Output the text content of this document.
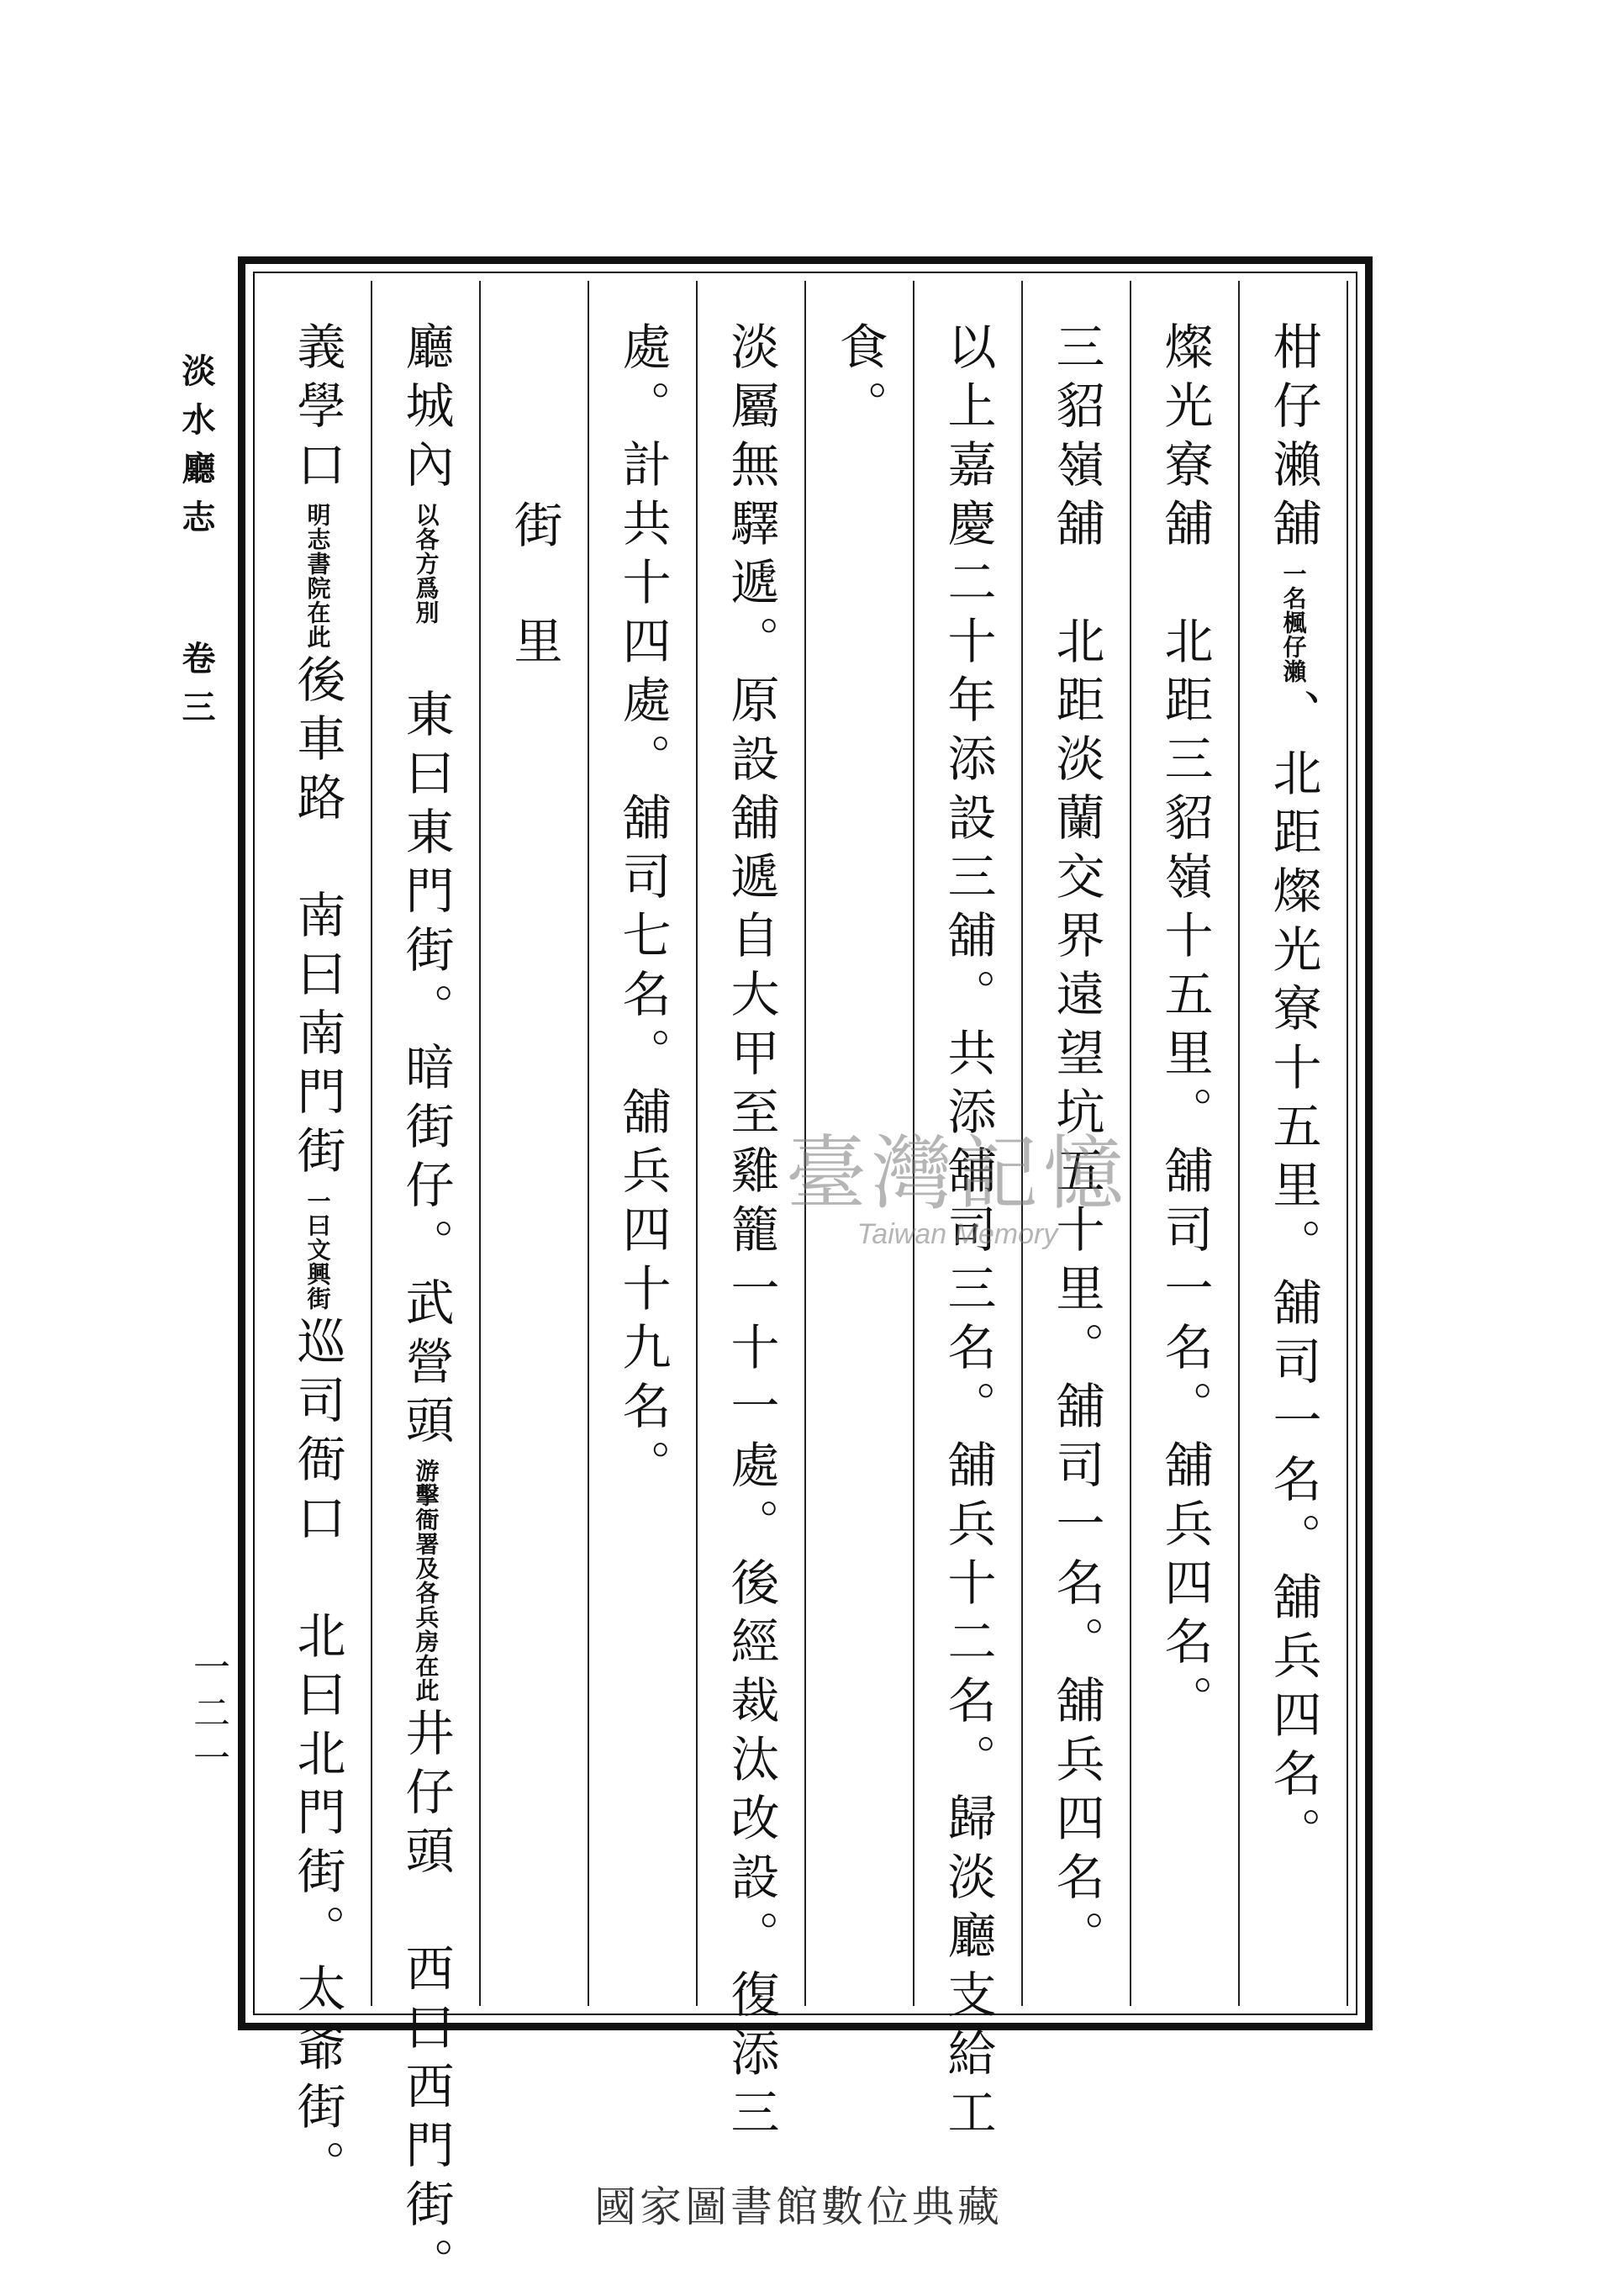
淡水廳志卷三
一二一
柑仔瀨舖一名楓仔瀨、北距燦光寮十五里。舖司一名。舖兵四名。
燦光寮舖　北距三貂嶺十五里。舖司一名。舖兵四名。
三貂嶺舖　北距淡蘭交界遠望坑五十里。舖司一名。舖兵四名。
以上嘉慶二十年添設三舖。共添舖司三名。舖兵十二名。歸淡廳支給工
食。
淡屬無驛遞。原設舖遞自大甲至雞籠一十一處。後經裁汰改設。復添三
處。計共十四處。舖司七名。舖兵四十九名。
街里
廳城內以各方爲別　東曰東門街。暗街仔。武營頭游擊衙署及各兵房在此井仔頭　西曰西門街。
義學口明志書院在此後車路　南曰南門街一曰文興街巡司衙口　北曰北門街。太爺街。
臺灣記憶
Taiwan Memory
國家圖書館數位典藏
